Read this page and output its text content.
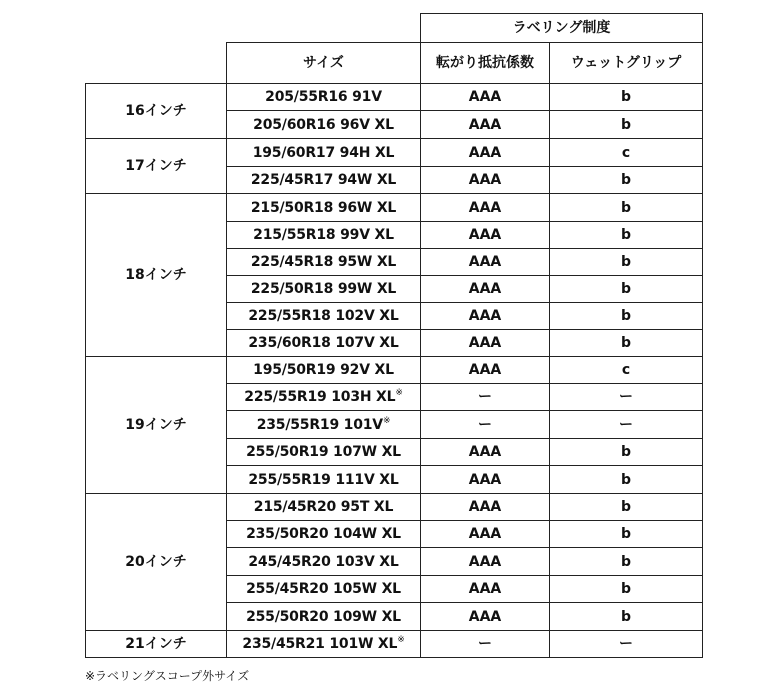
		ラベリング制度	
	サイズ	転がり抵抗係数	ウェットグリップ
16インチ	205/55R16 91V	AAA	b
	205/60R16 96V XL	AAA	b
17インチ	195/60R17 94H XL	AAA	c
	225/45R17 94W XL	AAA	b
18インチ	215/50R18 96W XL	AAA	b
	215/55R18 99V XL	AAA	b
	225/45R18 95W XL	AAA	b
	225/50R18 99W XL	AAA	b
	225/55R18 102V XL	AAA	b
	235/60R18 107V XL	AAA	b
19インチ	195/50R19 92V XL	AAA	c
	225/55R19 103H XL※	ー	ー
	235/55R19 101V※	ー	ー
	255/50R19 107W XL	AAA	b
	255/55R19 111V XL	AAA	b
20インチ	215/45R20 95T XL	AAA	b
	235/50R20 104W XL	AAA	b
	245/45R20 103V XL	AAA	b
	255/45R20 105W XL	AAA	b
	255/50R20 109W XL	AAA	b
21インチ	235/45R21 101W XL※	ー	ー
※ラベリングスコープ外サイズ
